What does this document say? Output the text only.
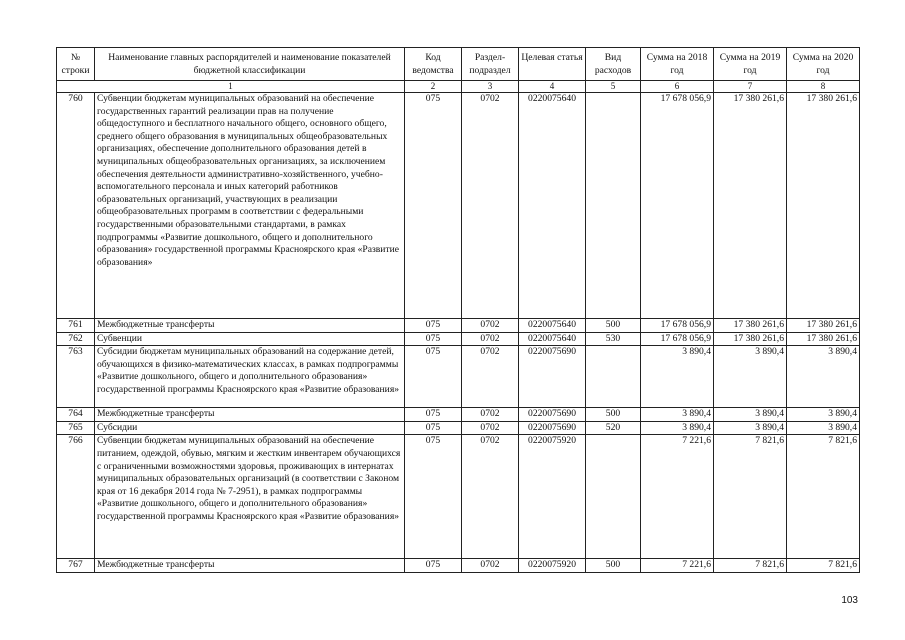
№ строки	Наименование главных распорядителей и наименование показателей бюджетной классификации	Код ведомства	Раздел-подраздел	Целевая статья	Вид расходов	Сумма на 2018 год	Сумма на 2019 год	Сумма на 2020 год
1		2	3	4	5	6	7	8
760	Субвенции бюджетам муниципальных образований на обеспечение государственных гарантий реализации прав на получение общедоступного и бесплатного начального общего, основного общего, среднего общего образования в муниципальных общеобразовательных организациях, обеспечение дополнительного образования детей в муниципальных общеобразовательных организациях, за исключением обеспечения деятельности административно-хозяйственного, учебно-вспомогательного персонала и иных категорий работников образовательных организаций, участвующих в реализации общеобразовательных программ в соответствии с федеральными государственными образовательными стандартами, в рамках подпрограммы «Развитие дошкольного, общего и дополнительного образования» государственной программы Красноярского края «Развитие образования»	075	0702	0220075640		17 678 056,9	17 380 261,6	17 380 261,6
761	Межбюджетные трансферты	075	0702	0220075640	500	17 678 056,9	17 380 261,6	17 380 261,6
762	Субвенции	075	0702	0220075640	530	17 678 056,9	17 380 261,6	17 380 261,6
763	Субсидии бюджетам муниципальных образований на содержание детей, обучающихся в физико-математических классах, в рамках подпрограммы «Развитие дошкольного, общего и дополнительного образования» государственной программы Красноярского края «Развитие образования»	075	0702	0220075690		3 890,4	3 890,4	3 890,4
764	Межбюджетные трансферты	075	0702	0220075690	500	3 890,4	3 890,4	3 890,4
765	Субсидии	075	0702	0220075690	520	3 890,4	3 890,4	3 890,4
766	Субвенции бюджетам муниципальных образований на обеспечение питанием, одеждой, обувью, мягким и жестким инвентарем обучающихся с ограниченными возможностями здоровья, проживающих в интернатах муниципальных образовательных организаций (в соответствии с Законом края от 16 декабря 2014 года № 7-2951), в рамках подпрограммы «Развитие дошкольного, общего и дополнительного образования» государственной программы Красноярского края «Развитие образования»	075	0702	0220075920		7 221,6	7 821,6	7 821,6
767	Межбюджетные трансферты	075	0702	0220075920	500	7 221,6	7 821,6	7 821,6
103
